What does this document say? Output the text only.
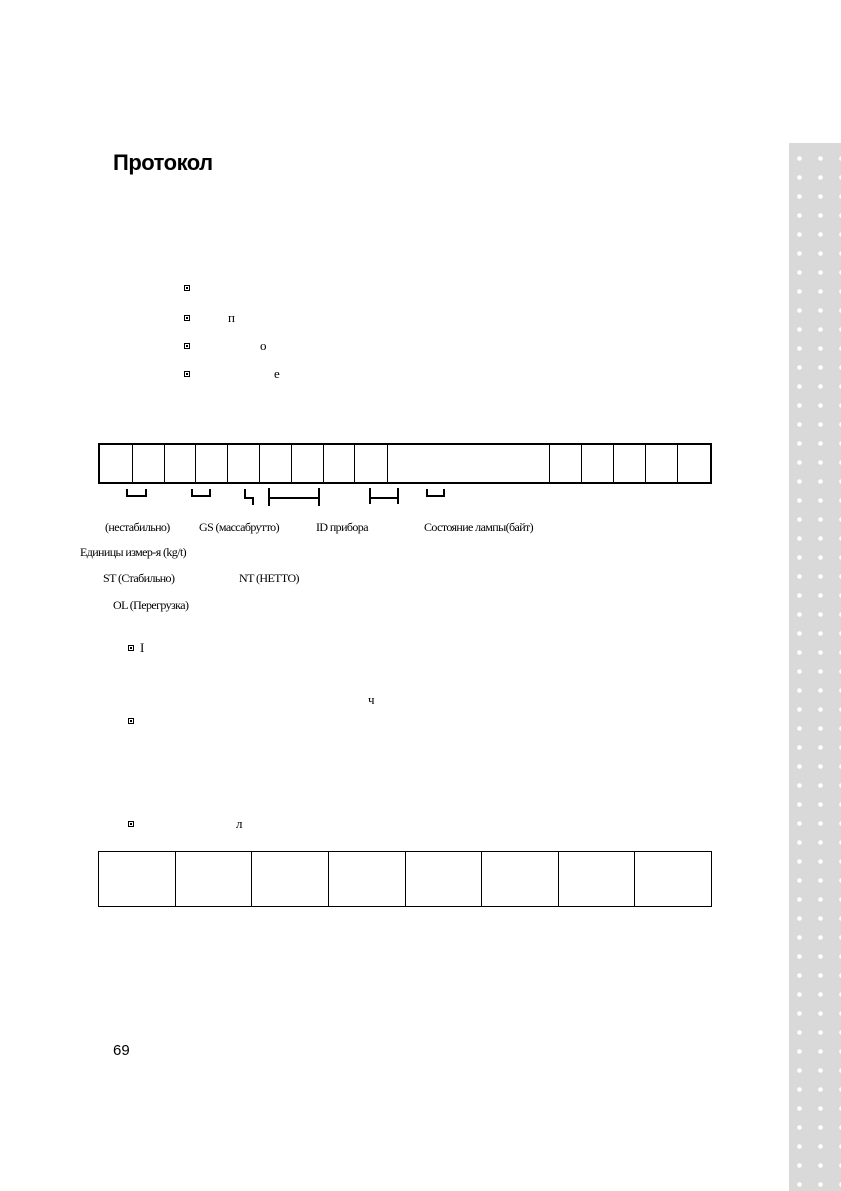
Протокол
п
о
е
(нестабильно) GS (массабрутто)	ID прибора	Состояние лампы(байт)
Единицы измер-я (kg/t)
ST (Стабильно)	NT (НЕТТО)
OL (Перегрузка)
I
ч
л
69
